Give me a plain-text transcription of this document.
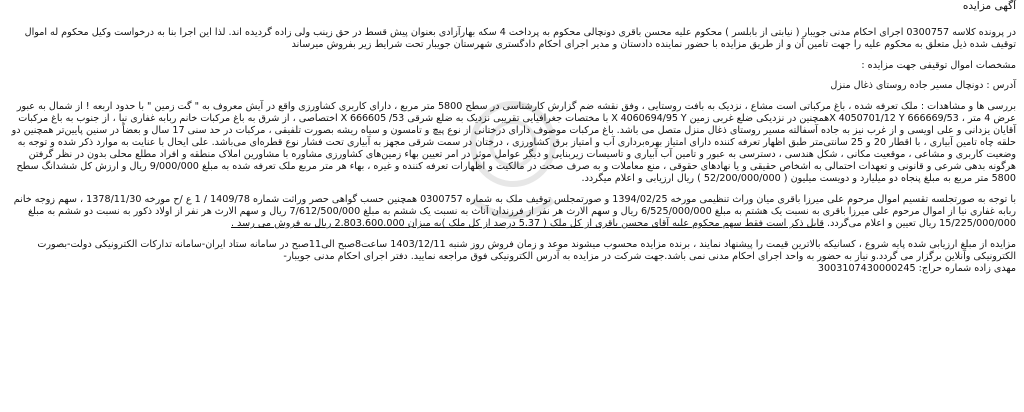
آگهی مزایده

در پرونده کلاسه 0300757 اجرای احکام مدنی جویبار ( نیابتی از بابلسر ) محکوم علیه محسن باقری دونچالی محکوم به پرداخت 4 سکه بهارآزادی بعنوان پیش قسط در حق زینب ولی زاده گردیده اند. لذا این اجرا بنا به درخواست وکیل محکوم له اموال توقیف شده ذیل متعلق به محکوم علیه را جهت تامین آن و از طریق مزایده با حضور نماینده دادستان و مدیر اجرای احکام دادگستری شهرستان جویبار تحت شرایط زیر بفروش میرساند

مشخصات اموال توقیفی جهت مزایده :

آدرس : دونچال مسیر جاده روستای ذغال منزل

بررسی ها و مشاهدات : ملک تعرفه شده ، باغ مرکباتی است مشاع ، نزدیک به بافت روستایی ، وفق نقشه ضم گزارش کارشناسی در سطح 5800 متر مربع ، دارای کاربری کشاورزی واقع در آیش معروف به " گت زمین " با حدود اربعه ! از شمال به عبور عرض 4 متر ، X 4050701/12 Y 666669/53همچنین در نزدیکی ضلع غربی زمین X 4060694/95 Y با مختصات جغرافیایی تقریبی نزدیک به ضلع شرقی X 666605 /53 اختصاصی ، از شرق به باغ مرکبات خانم ربابه غفاری نیا ، از جنوب به باغ مرکبات آقایان یزدانی و علی اویسی و از غرب نیز به جاده آسفالته مسیر روستای ذغال منزل متصل می باشد. باغ مرکبات موصوف دارای درختانی از نوع پیچ و تامسون و سیاه ریشه بصورت تلفیقی ، مرکبات در حد سنی 17 سال و بعضاً در سنین پایین‌تر همچنین دو حلقه چاه تامین آبیاری ، با اقطار 20 و 25 سانتی‌متر طبق اظهار تعرفه کننده دارای امتیاز بهره‌برداری آب و امتیاز برق کشاورزی ، درختان در سمت شرقی مجهز به آبیاری تحت فشار نوع قطره‌ای می‌باشد. علی ایحال با عنایت به موارد ذکر شده و توجه به وضعیت کاربری و مشاعی ، موقعیت مکانی ، شکل هندسی ، دسترسی به عبور و تامین آب آبیاری و تاسیسات زیربنایی و دیگر عوامل موثر در امر تعیین بهاء زمین‌های کشاورزی مشاوره با مشاورین املاک منطقه و افراد مطلع محلی بدون در نظر گرفتن هرگونه بدهی شرعی و قانونی و تعهدات احتمالی به اشخاص حقیقی و یا نهادهای حقوقی ، منع معاملات و به صرف صحت در مالکیت و اظهارات تعرفه کننده و غیره ، بهاء هر متر مربع ملک تعرفه شده به مبلغ 9/000/000 ریال و ارزش کل ششدانگ سطح 5800 متر مربع به مبلغ پنجاه دو میلیارد و دویست میلیون ( 52/200/000/000 ) ریال ارزیابی و اعلام میگردد.

با توجه به صورتجلسه تقسیم اموال مرحوم علی میرزا باقری میان وراث تنظیمی مورخه 1394/02/25 و صورتمجلس توقیف ملک به شماره 0300757 همچنین حسب گواهی حصر وراثت شماره 1409/78 / 1 ع /ح مورخه 1378/11/30 ، سهم زوجه خانم ربابه غفاری نیا از اموال مرحوم علی میرزا باقری به نسبت یک هشتم به مبلغ 6/525/000/000 ریال و سهم الارث هر نفر از فرزندان آناث به نسبت یک ششم به مبلغ 7/612/500/000 ریال و سهم الارث هر نفر از اولاد ذکور به نسبت دو ششم به مبلغ 15/225/000/000 ریال تعیین و اعلام می‌گردد. قابل ذکر است فقط سهم محکوم علیه آقای محسن باقری از کل ملک ( 5.37 درصد از کل ملک )به میزان 2.803.600.000 ریال به فروش می رسد .

مزایده از مبلغ ارزیابی شده پایه شروع ، کسانیکه بالاترین قیمت را پیشنهاد نمایند ، برنده مزایده محسوب میشوند موعد و زمان فروش روز شنبه 1403/12/11 ساعت8صبح الی11صبح در سامانه ستاد ایران-سامانه تدارکات الکترونیکی دولت-بصورت الکترونیکی وآنلاین برگزار می گردد.و نیاز به حضور به واحد اجرای احکام مدنی نمی باشد.جهت شرکت در مزایده به آدرس الکترونیکی فوق مراجعه نمایید. دفتر اجرای احکام مدنی جویبار-

مهدی زاده شماره حراج: 3003107430000245
